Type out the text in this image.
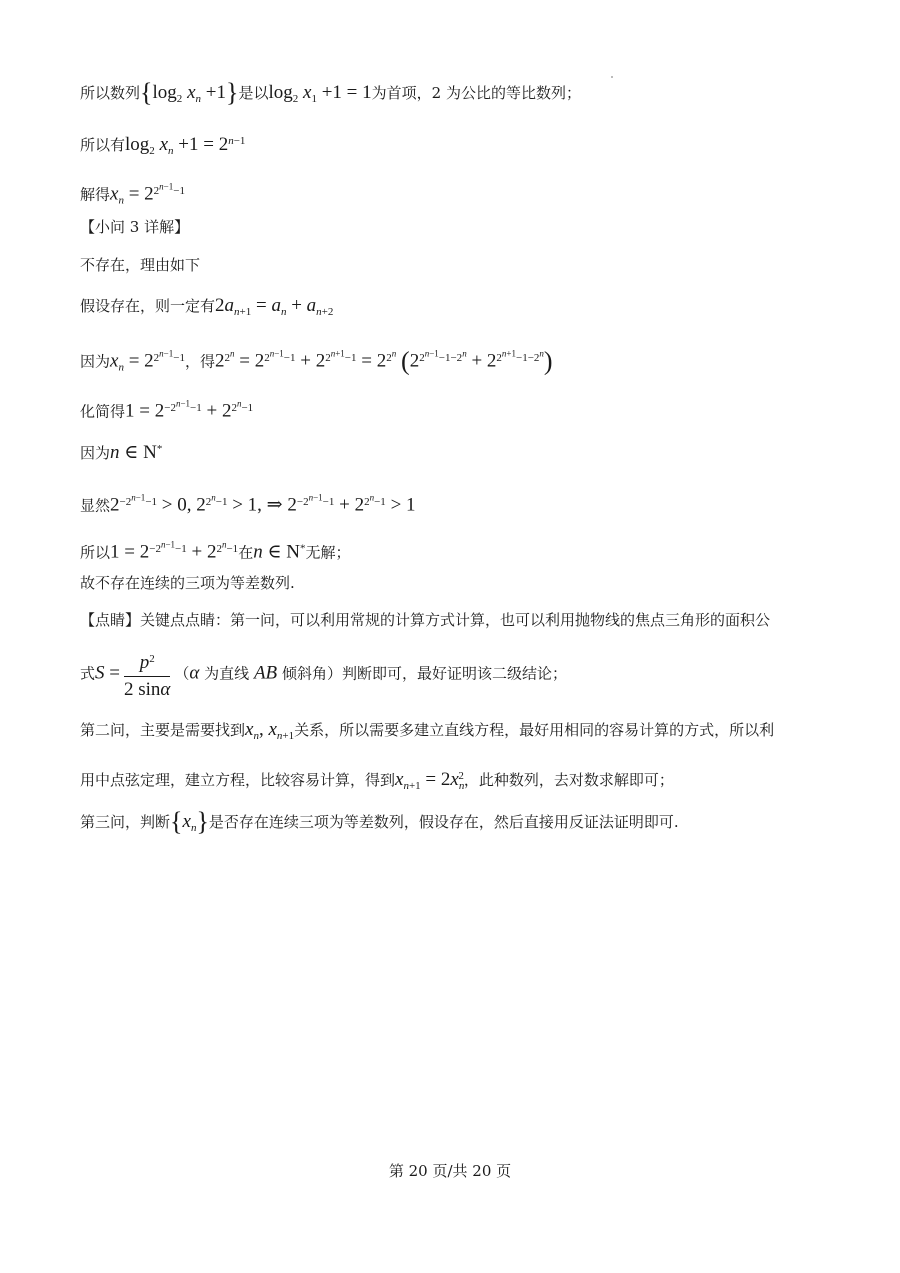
所以数列{$\log_2$ $x_n +1$}是以$\log_2 x_1 +1 = 1$为首项，2 为公比的等比数列；
所以有$\log_2 x_n +1 = 2^{n-1}$
解得$x_n = 2^{2^{n-1}-1}$
【小问 3 详解】
不存在，理由如下
假设存在，则一定有$2a_{n+1} = a_n + a_{n+2}$
因为$x_n = 2^{2^{n-1}-1}$，得$2^{2^n} = 2^{2^{n-1}-1} + 2^{2^{n+1}-1} = 2^{2^n}$ $(2^{2^{n-1}-1-2^n} + 2^{2^{n+1}-1-2^n})$
化简得$1 = 2^{-2^{n-1}-1} + 2^{2^n-1}$
因为n ∈ N*
显然$2^{-2^{n-1}-1} > 0$, $2^{2^n-1} > 1$, ⇒ $2^{-2^{n-1}-1} + 2^{2^n-1} > 1$
所以$1 = 2^{-2^{n-1}-1} + 2^{2^n-1}$在n ∈ N*无解；
故不存在连续的三项为等差数列.
【点睛】关键点点睛：第一问，可以利用常规的计算方式计算，也可以利用抛物线的焦点三角形的面积公
式$S = \frac{p^2}{2 \sin\alpha} (\alpha$ 为直线 AB 倾斜角）判断即可，最好证明该二级结论；
第二问，主要是需要找到$x_n$, $x_{n+1}$关系，所以需要多建立直线方程，最好用相同的容易计算的方式，所以利
用中点弦定理，建立方程，比较容易计算，得到$x_{n+1} = 2x_n^2$，此种数列，去对数求解即可；
第三问，判断$\{x_n\}$是否存在连续三项为等差数列，假设存在，然后直接用反证法证明即可.
第 20 页/共 20 页
